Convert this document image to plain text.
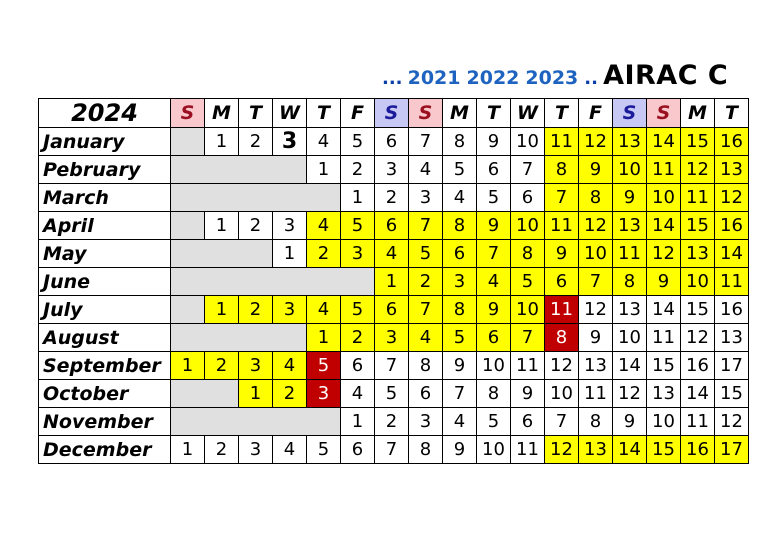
... 2021 2022 2023 .. AIRAC C
2024	S	M	T	W	T	F	S	S	M	T	W	T	F	S	S	M	T
January		1	2	3	4	5	6	7	8	9	10	11	12	13	14	15	16
Pebruary					1	2	3	4	5	6	7	8	9	10	11	12	13
March						1	2	3	4	5	6	7	8	9	10	11	12
April		1	2	3	4	5	6	7	8	9	10	11	12	13	14	15	16
May				1	2	3	4	5	6	7	8	9	10	11	12	13	14
June							1	2	3	4	5	6	7	8	9	10	11
July		1	2	3	4	5	6	7	8	9	10	11	12	13	14	15	16
August					1	2	3	4	5	6	7	8	9	10	11	12	13
September	1	2	3	4	5	6	7	8	9	10	11	12	13	14	15	16	17
October			1	2	3	4	5	6	7	8	9	10	11	12	13	14	15
November						1	2	3	4	5	6	7	8	9	10	11	12
December	1	2	3	4	5	6	7	8	9	10	11	12	13	14	15	16	17
